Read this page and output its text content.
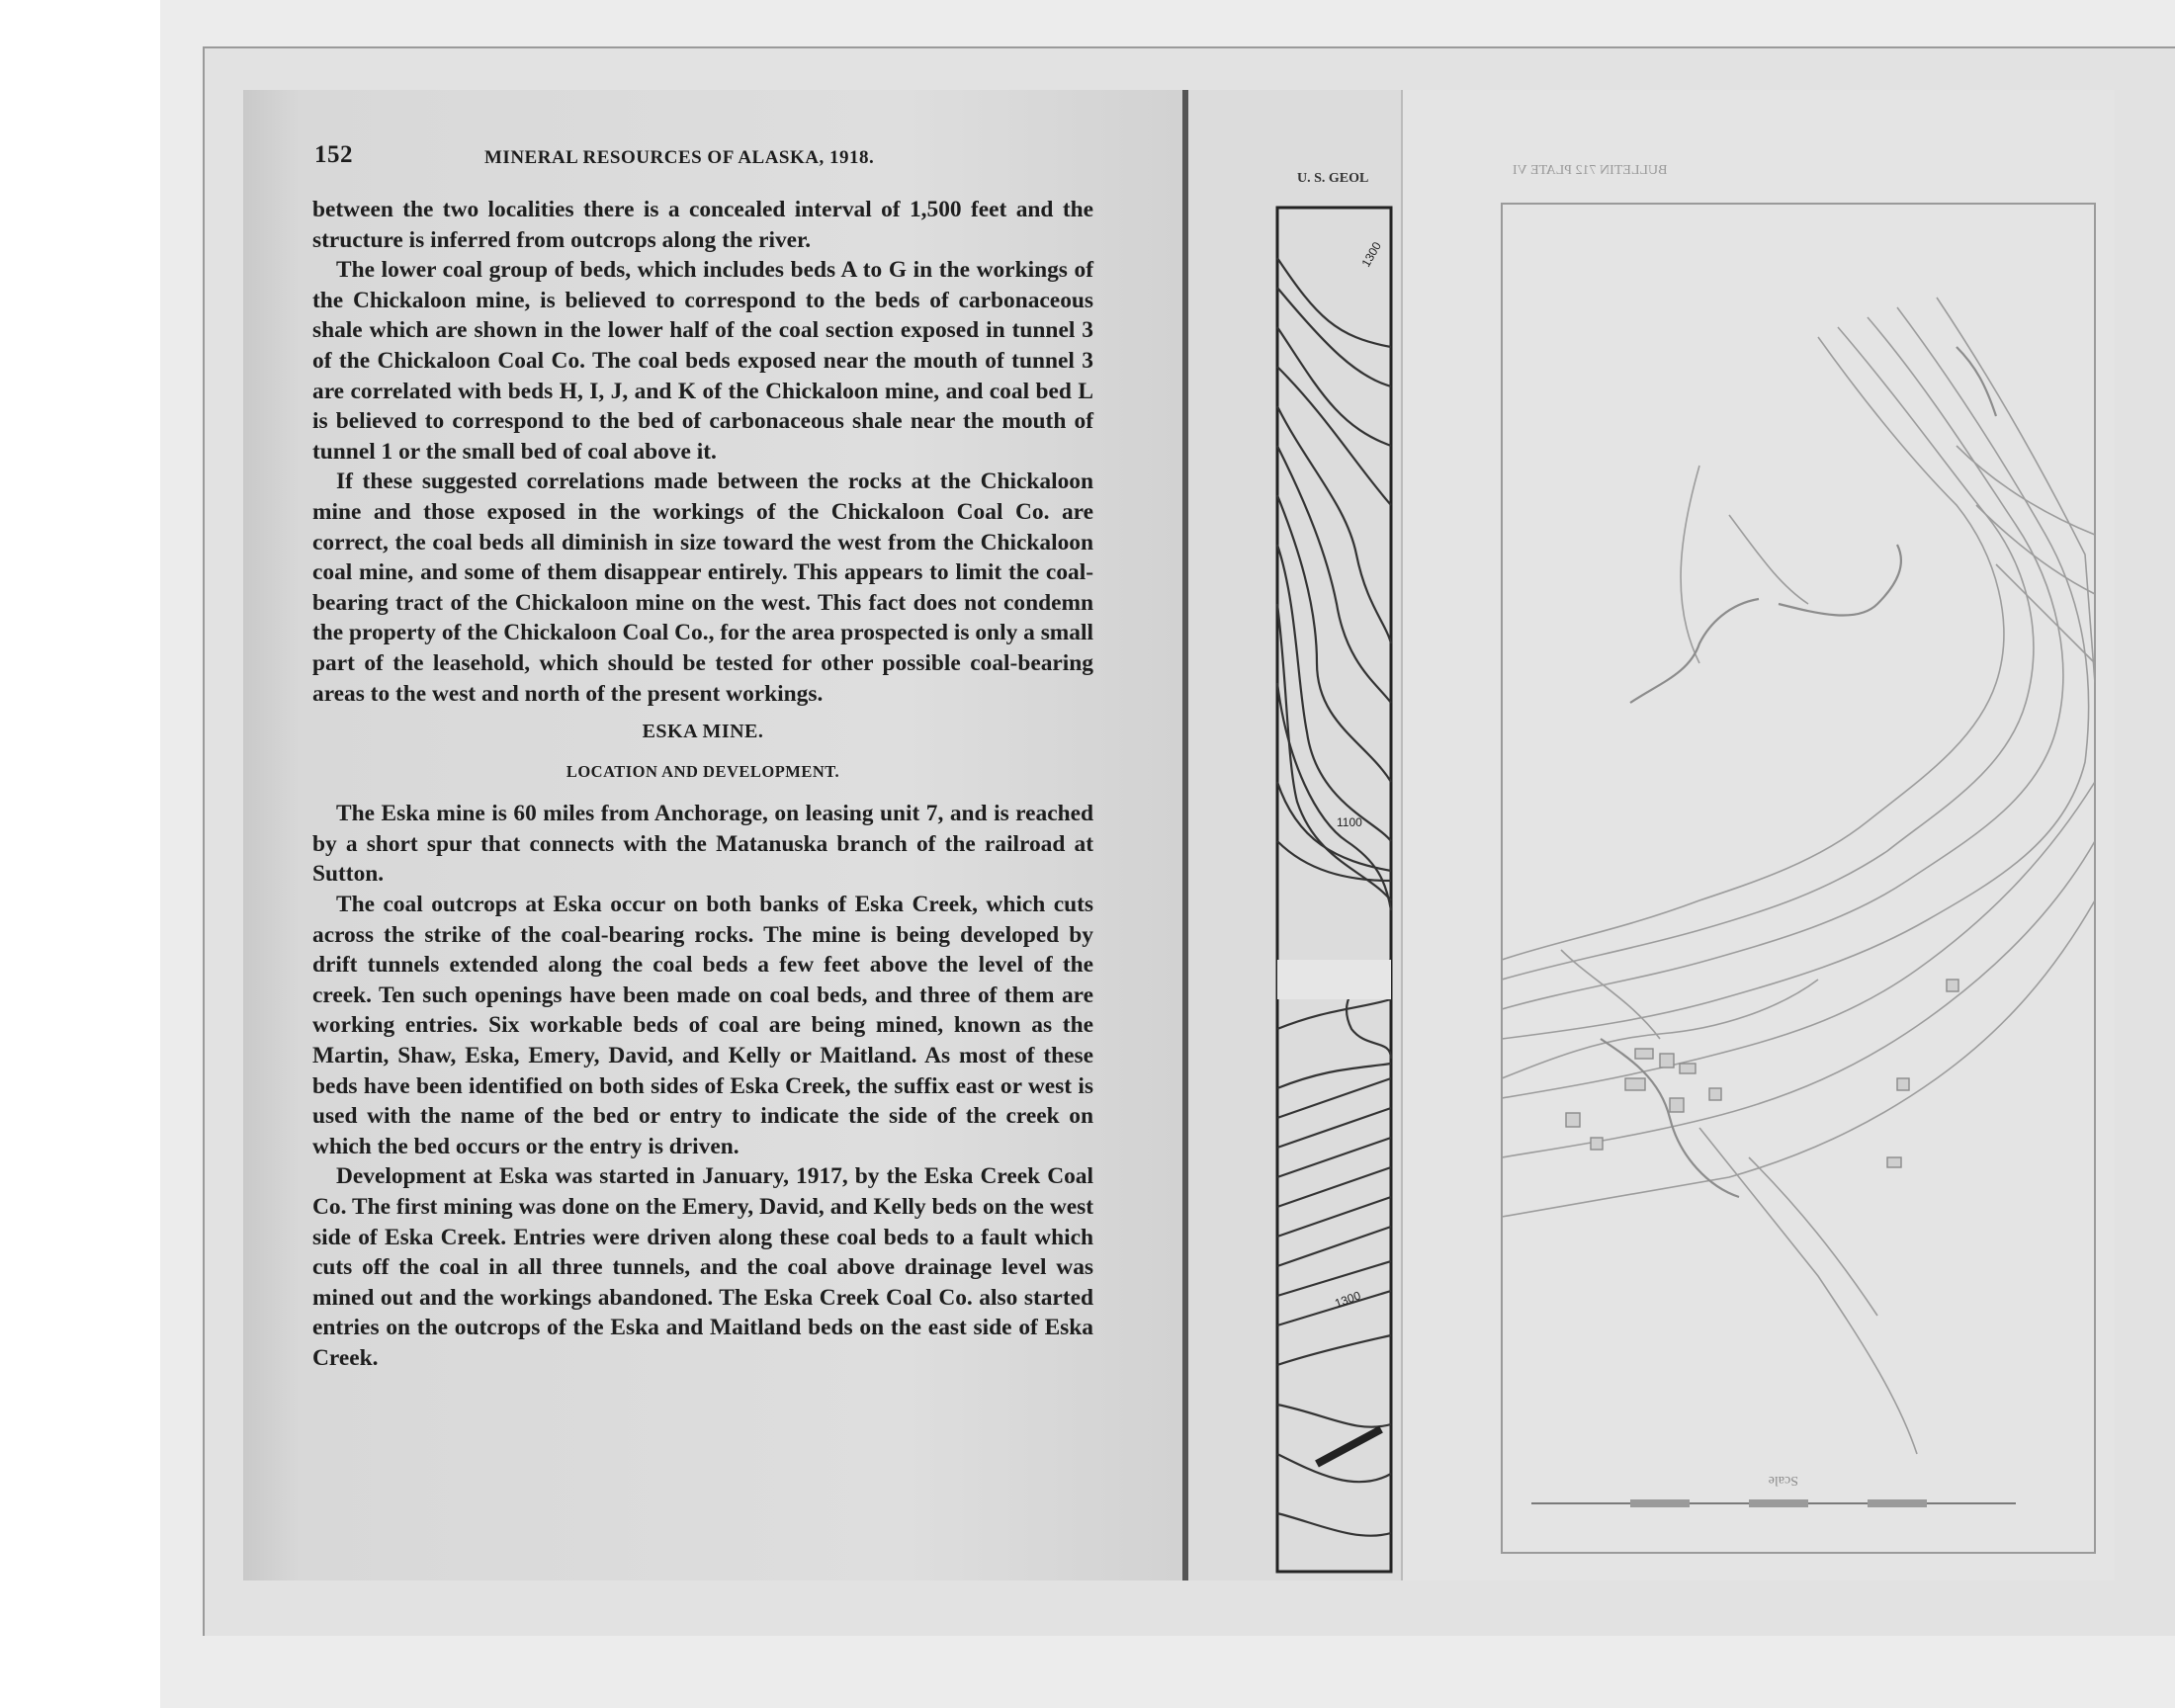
152	MINERAL RESOURCES OF ALASKA, 1918.

between the two localities there is a concealed interval of 1,500 feet and the structure is inferred from outcrops along the river.

The lower coal group of beds, which includes beds A to G in the workings of the Chickaloon mine, is believed to correspond to the beds of carbonaceous shale which are shown in the lower half of the coal section exposed in tunnel 3 of the Chickaloon Coal Co. The coal beds exposed near the mouth of tunnel 3 are correlated with beds H, I, J, and K of the Chickaloon mine, and coal bed L is believed to correspond to the bed of carbonaceous shale near the mouth of tunnel 1 or the small bed of coal above it.

If these suggested correlations made between the rocks at the Chickaloon mine and those exposed in the workings of the Chickaloon Coal Co. are correct, the coal beds all diminish in size toward the west from the Chickaloon coal mine, and some of them disappear entirely. This appears to limit the coal-bearing tract of the Chickaloon mine on the west. This fact does not condemn the property of the Chickaloon Coal Co., for the area prospected is only a small part of the leasehold, which should be tested for other possible coal-bearing areas to the west and north of the present workings.

ESKA MINE.
LOCATION AND DEVELOPMENT.

The Eska mine is 60 miles from Anchorage, on leasing unit 7, and is reached by a short spur that connects with the Matanuska branch of the railroad at Sutton.

The coal outcrops at Eska occur on both banks of Eska Creek, which cuts across the strike of the coal-bearing rocks. The mine is being developed by drift tunnels extended along the coal beds a few feet above the level of the creek. Ten such openings have been made on coal beds, and three of them are working entries. Six workable beds of coal are being mined, known as the Martin, Shaw, Eska, Emery, David, and Kelly or Maitland. As most of these beds have been identified on both sides of Eska Creek, the suffix east or west is used with the name of the bed or entry to indicate the side of the creek on which the bed occurs or the entry is driven.

Development at Eska was started in January, 1917, by the Eska Creek Coal Co. The first mining was done on the Emery, David, and Kelly beds on the west side of Eska Creek. Entries were driven along these coal beds to a fault which cuts off the coal in all three tunnels, and the coal above drainage level was mined out and the workings abandoned. The Eska Creek Coal Co. also started entries on the outcrops of the Eska and Maitland beds on the east side of Eska Creek.

U. S. GEOL
1300
1100
1300
Scale
BULLETIN 712 PLATE VI
